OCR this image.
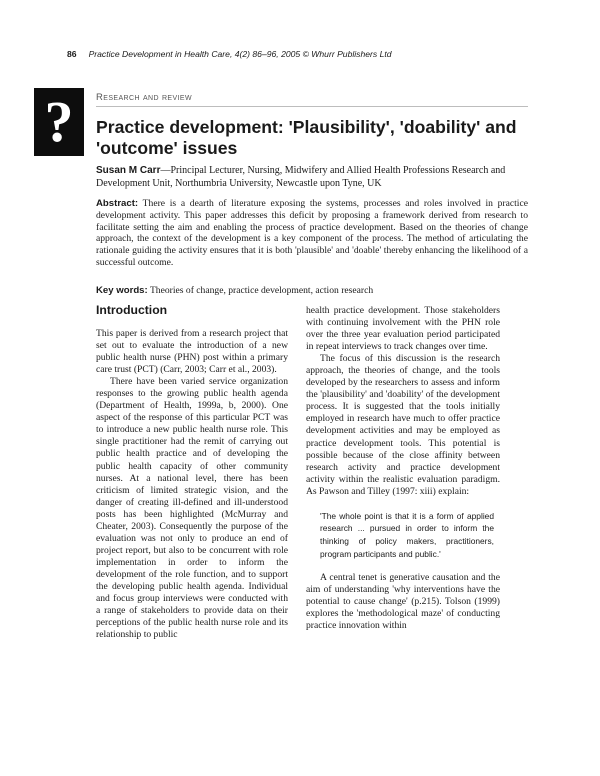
86 Practice Development in Health Care, 4(2) 86–96, 2005 © Whurr Publishers Ltd
? Research and review
Practice development: 'Plausibility', 'doability' and 'outcome' issues

Susan M Carr—Principal Lecturer, Nursing, Midwifery and Allied Health Professions Research and Development Unit, Northumbria University, Newcastle upon Tyne, UK

Abstract: There is a dearth of literature exposing the systems, processes and roles involved in practice development activity. This paper addresses this deficit by proposing a framework derived from research to facilitate setting the aim and enabling the process of practice development. Based on the theories of change approach, the context of the development is a key component of the process. The method of articulating the rationale guiding the activity ensures that it is both 'plausible' and 'doable' thereby enhancing the likelihood of a successful outcome.

Key words: Theories of change, practice development, action research

Introduction

This paper is derived from a research project that set out to evaluate the introduction of a new public health nurse (PHN) post within a primary care trust (PCT) (Carr, 2003; Carr et al., 2003).

There have been varied service organization responses to the growing public health agenda (Department of Health, 1999a, b, 2000). One aspect of the response of this particular PCT was to introduce a new public health nurse role. This single practitioner had the remit of carrying out public health practice and of developing the public health capacity of other community nurses. At a national level, there has been criticism of limited strategic vision, and the danger of creating ill-defined and ill-understood posts has been highlighted (McMurray and Cheater, 2003). Consequently the purpose of the evaluation was not only to produce an end of project report, but also to be concurrent with role implementation in order to inform the development of the role function, and to support the developing public health agenda. Individual and focus group interviews were conducted with a range of stakeholders to provide data on their perceptions of the public health nurse role and its relationship to public

health practice development. Those stakeholders with continuing involvement with the PHN role over the three year evaluation period participated in repeat interviews to track changes over time.

The focus of this discussion is the research approach, the theories of change, and the tools developed by the researchers to assess and inform the 'plausibility' and 'doability' of the development process. It is suggested that the tools initially employed in research have much to offer practice development activities and may be employed as practice development tools. This potential is possible because of the close affinity between research activity and practice development activity within the realistic evaluation paradigm. As Pawson and Tilley (1997: xiii) explain:

'The whole point is that it is a form of applied research ... pursued in order to inform the thinking of policy makers, practitioners, program participants and public.'

A central tenet is generative causation and the aim of understanding 'why interventions have the potential to cause change' (p.215). Tolson (1999) explores the 'methodological maze' of conducting practice innovation within
